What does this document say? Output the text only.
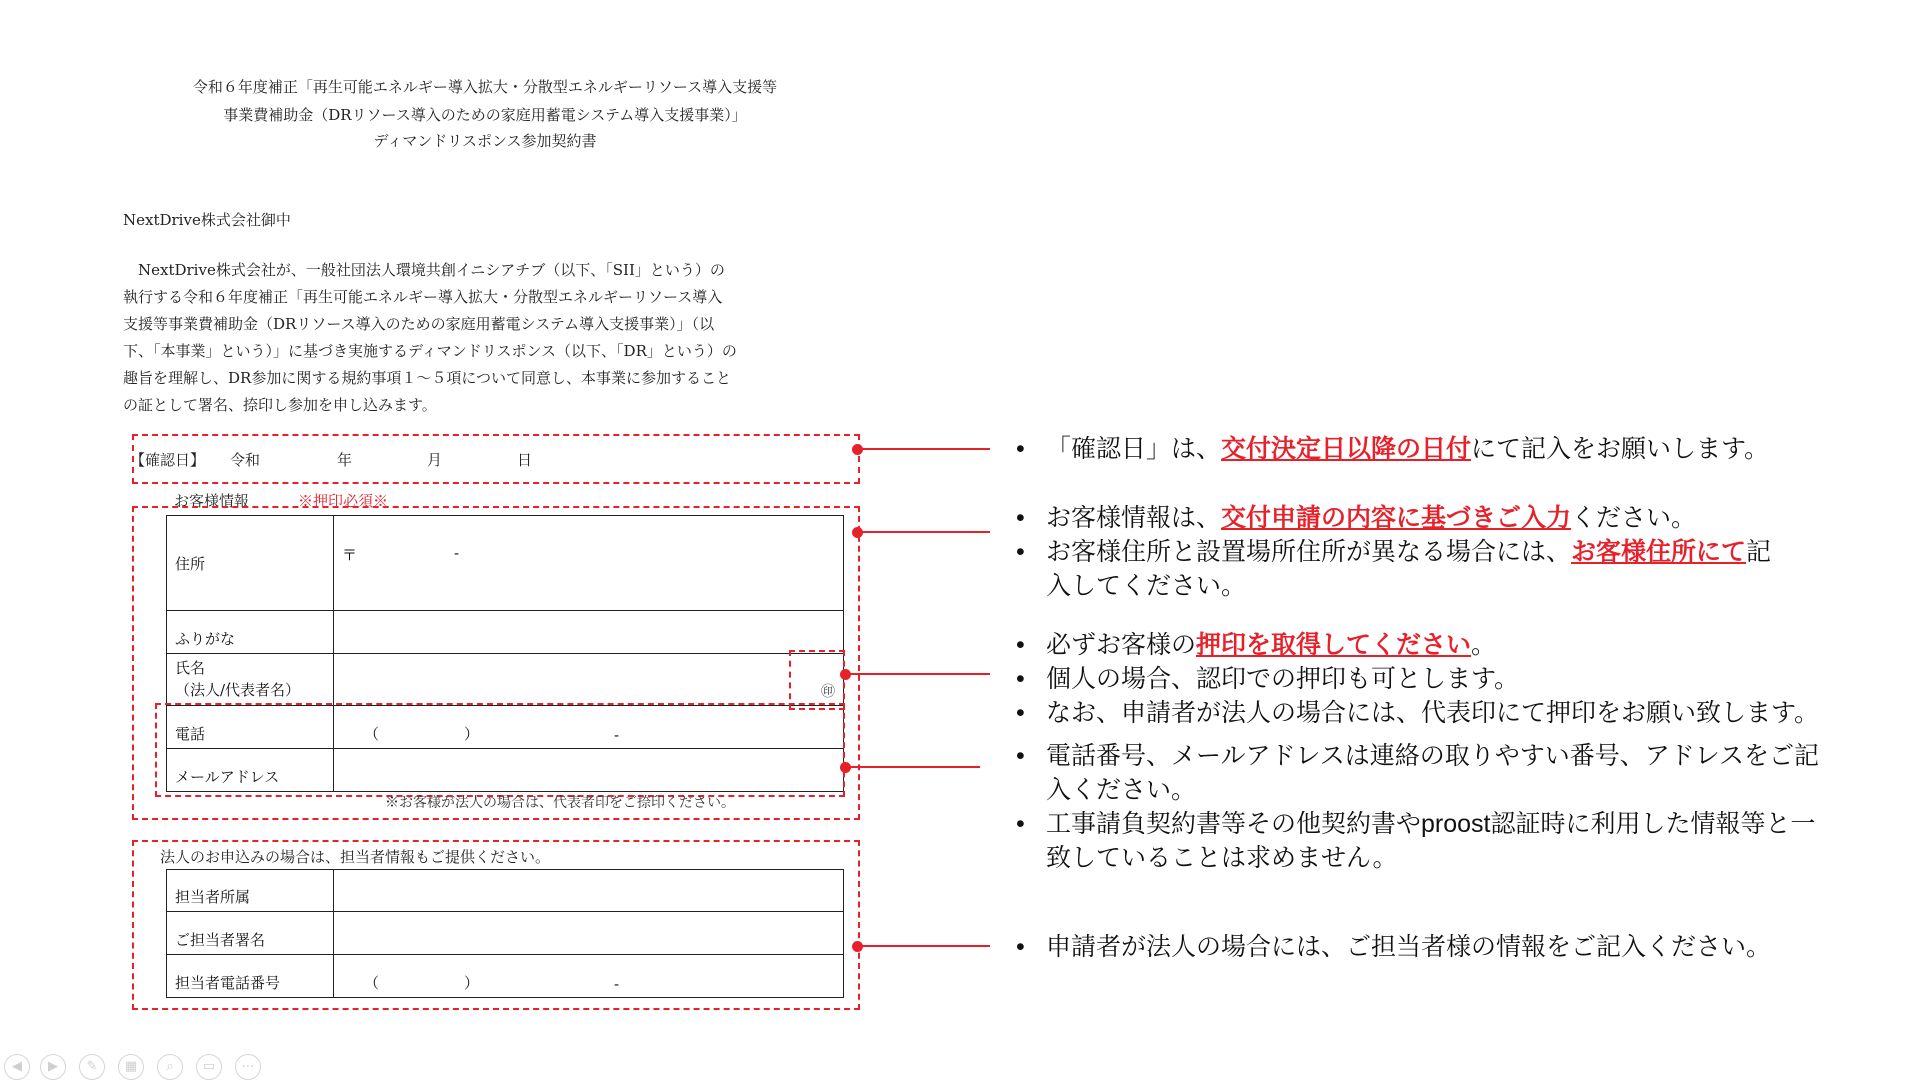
令和６年度補正「再生可能エネルギー導入拡大・分散型エネルギーリソース導入支援等
事業費補助金（DRリソース導入のための家庭用蓄電システム導入支援事業）」
ディマンドリスポンス参加契約書
NextDrive株式会社御中
　NextDrive株式会社が、一般社団法人環境共創イニシアチブ（以下、「SII」という）の
執行する令和６年度補正「再生可能エネルギー導入拡大・分散型エネルギーリソース導入
支援等事業費補助金（DRリソース導入のための家庭用蓄電システム導入支援事業）」（以
下、「本事業」という）」に基づき実施するディマンドリスポンス（以下、「DR」という）の
趣旨を理解し、DR参加に関する規約事項１～５項について同意し、本事業に参加すること
の証として署名、捺印し参加を申し込みます。
【確認日】 令和	年	月	日
お客様情報	※押印必須※
住所	〒 -

ふりがな	

氏名
（法人/代表者名）	㊞
電話	（ ） -

メールアドレス	
※お客様が法人の場合は、代表者印をご捺印ください。
法人のお申込みの場合は、担当者情報もご提供ください。
担当者所属	
ご担当者署名	
担当者電話番号	（ ） -
• 「確認日」は、交付決定日以降の日付にて記入をお願いします。
• お客様情報は、交付申請の内容に基づきご入力ください。
• お客様住所と設置場所住所が異なる場合には、お客様住所にて記入してください。
• 必ずお客様の押印を取得してください。
• 個人の場合、認印での押印も可とします。
• なお、申請者が法人の場合には、代表印にて押印をお願い致します。
• 電話番号、メールアドレスは連絡の取りやすい番号、アドレスをご記入ください。
• 工事請負契約書等その他契約書やproost認証時に利用した情報等と一致していることは求めません。
• 申請者が法人の場合には、ご担当者様の情報をご記入ください。
◀	▶	✎	▦	⌕	▭	⋯
